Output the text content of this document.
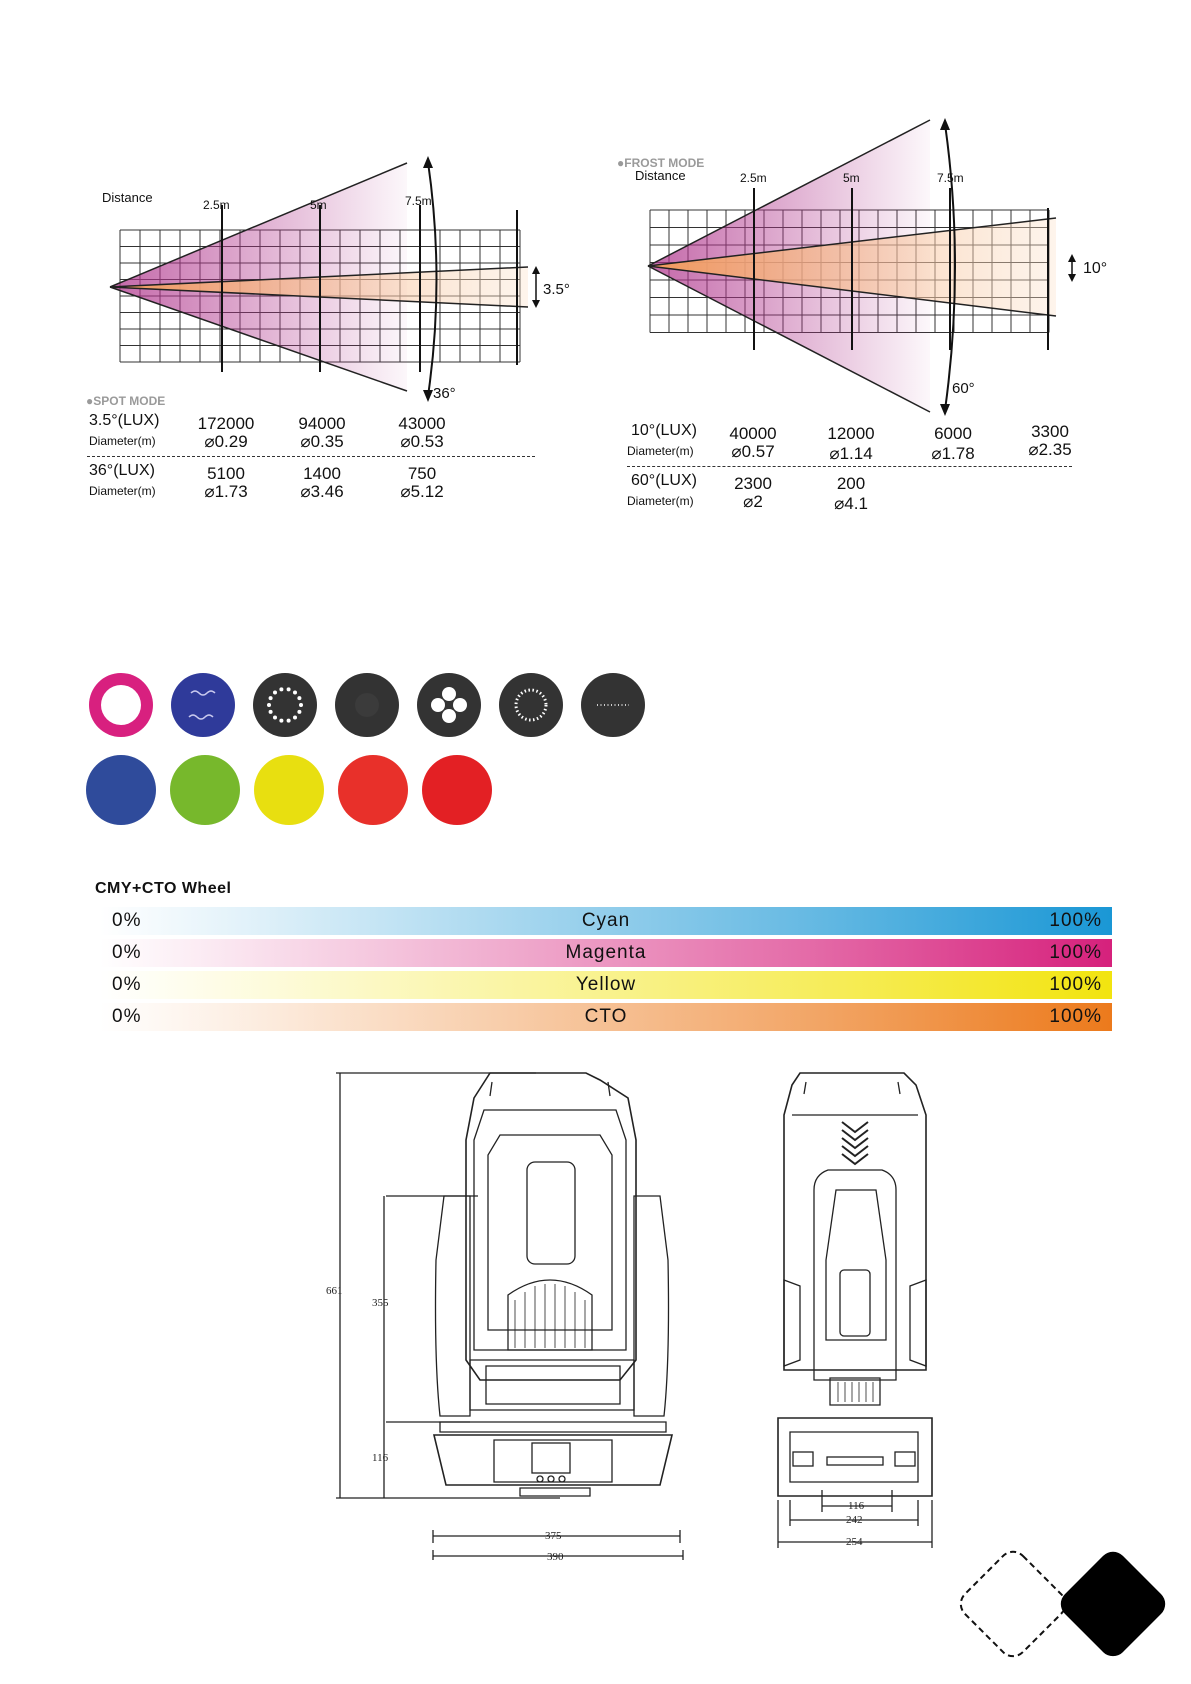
Distance	2.5m	5m	7.5m
3.5°
36°
●SPOT MODE
3.5°(LUX)
Diameter(m)
172000	94000	43000
⌀0.29	⌀0.35	⌀0.53
36°(LUX)
Diameter(m)
5100	1400	750
⌀1.73	⌀3.46	⌀5.12
●FROST MODE
Distance	2.5m	5m	7.5m
10°
60°
10°(LUX)
Diameter(m)
40000	12000	6000	3300
⌀0.57	⌀1.14	⌀1.78	⌀2.35
60°(LUX)
Diameter(m)
2300	200
⌀2	⌀4.1
CMY+CTO Wheel
0%	Cyan	100%
0%	Magenta	100%
0%	Yellow	100%
0%	CTO	100%
661
355
116
375
390
116
242
254
